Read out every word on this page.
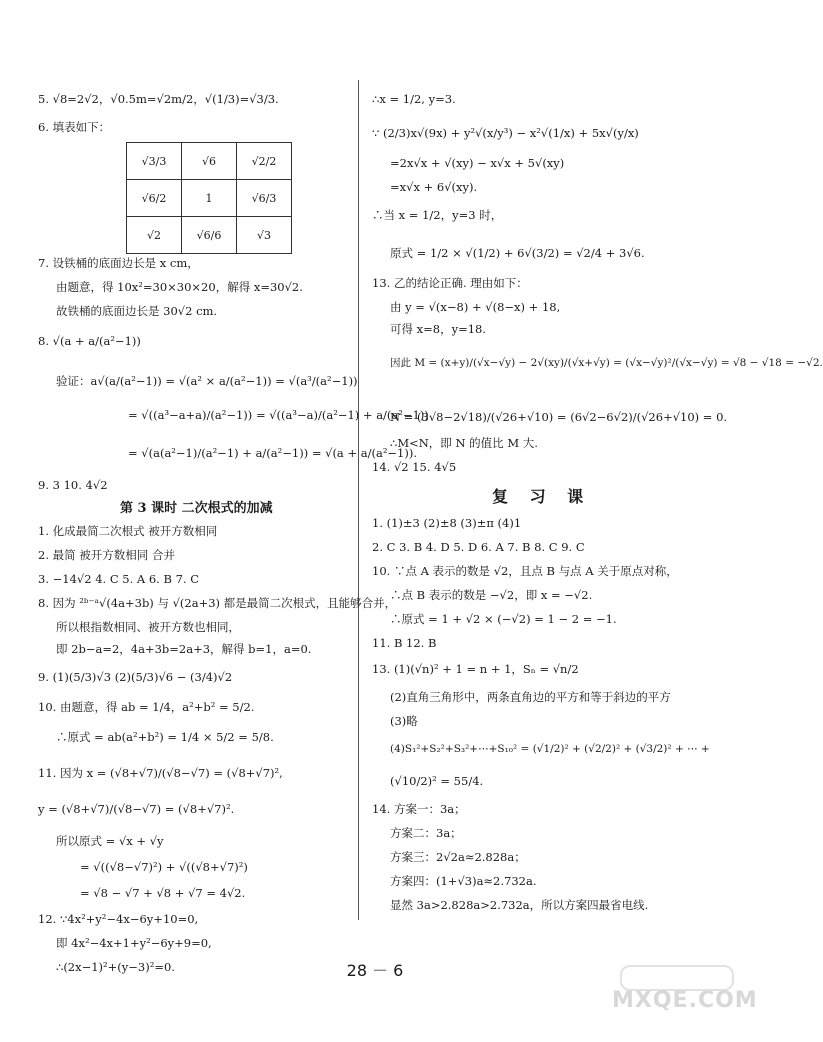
5. √8=2√2，√0.5m=√2m/2，√(1/3)=√3/3.
6. 填表如下：
√3/3	√6	√2/2
√6/2	1	√6/3
√2	√6/6	√3
7. 设铁桶的底面边长是 x cm，
由题意，得 10x²=30×30×20，解得 x=30√2.
故铁桶的底面边长是 30√2 cm.
8. √(a + a/(a²−1))
验证：a√(a/(a²−1)) = √(a² × a/(a²−1)) = √(a³/(a²−1))
= √((a³−a+a)/(a²−1)) = √((a³−a)/(a²−1) + a/(a²−1))
= √(a(a²−1)/(a²−1) + a/(a²−1)) = √(a + a/(a²−1)).
9. 3 10. 4√2
第 3 课时 二次根式的加减
1. 化成最简二次根式 被开方数相同
2. 最简 被开方数相同 合并
3. −14√2 4. C 5. A 6. B 7. C
8. 因为 ²ᵇ⁻ᵃ√(4a+3b) 与 √(2a+3) 都是最简二次根式，且能够合并，
所以根指数相同、被开方数也相同，
即 2b−a=2，4a+3b=2a+3，解得 b=1，a=0.
9. (1)(5/3)√3 (2)(5/3)√6 − (3/4)√2
10. 由题意，得 ab = 1/4，a²+b² = 5/2.
∴原式 = ab(a²+b²) = 1/4 × 5/2 = 5/8.
11. 因为 x = (√8+√7)/(√8−√7) = (√8+√7)²,
y = (√8+√7)/(√8−√7) = (√8+√7)².
所以原式 = √x + √y
= √((√8−√7)²) + √((√8+√7)²)
= √8 − √7 + √8 + √7 = 4√2.
12. ∵4x²+y²−4x−6y+10=0,
即 4x²−4x+1+y²−6y+9=0,
∴(2x−1)²+(y−3)²=0.
∴x = 1/2, y=3.
∵ (2/3)x√(9x) + y²√(x/y³) − x²√(1/x) + 5x√(y/x)
=2x√x + √(xy) − x√x + 5√(xy)
=x√x + 6√(xy).
∴当 x = 1/2，y=3 时，
原式 = 1/2 × √(1/2) + 6√(3/2) = √2/4 + 3√6.
13. 乙的结论正确. 理由如下：
由 y = √(x−8) + √(8−x) + 18,
可得 x=8，y=18.
因此 M = (x+y)/(√x−√y) − 2√(xy)/(√x+√y) = (√x−√y)²/(√x−√y) = √8 − √18 = −√2.
N = (3√8−2√18)/(√26+√10) = (6√2−6√2)/(√26+√10) = 0.
∴M<N，即 N 的值比 M 大.
14. √2 15. 4√5
复 习 课
1. (1)±3 (2)±8 (3)±π (4)1
2. C 3. B 4. D 5. D 6. A 7. B 8. C 9. C
10. ∵点 A 表示的数是 √2，且点 B 与点 A 关于原点对称，
∴点 B 表示的数是 −√2，即 x = −√2.
∴原式 = 1 + √2 × (−√2) = 1 − 2 = −1.
11. B 12. B
13. (1)(√n)² + 1 = n + 1，Sₙ = √n/2
(2)直角三角形中，两条直角边的平方和等于斜边的平方
(3)略
(4)S₁²+S₂²+S₃²+⋯+S₁₀² = (√1/2)² + (√2/2)² + (√3/2)² + ⋯ +
(√10/2)² = 55/4.
14. 方案一：3a；
方案二：3a；
方案三：2√2a≈2.828a；
方案四：(1+√3)a≈2.732a.
显然 3a>2.828a>2.732a，所以方案四最省电线.
28 － 6
MXQE.COM
